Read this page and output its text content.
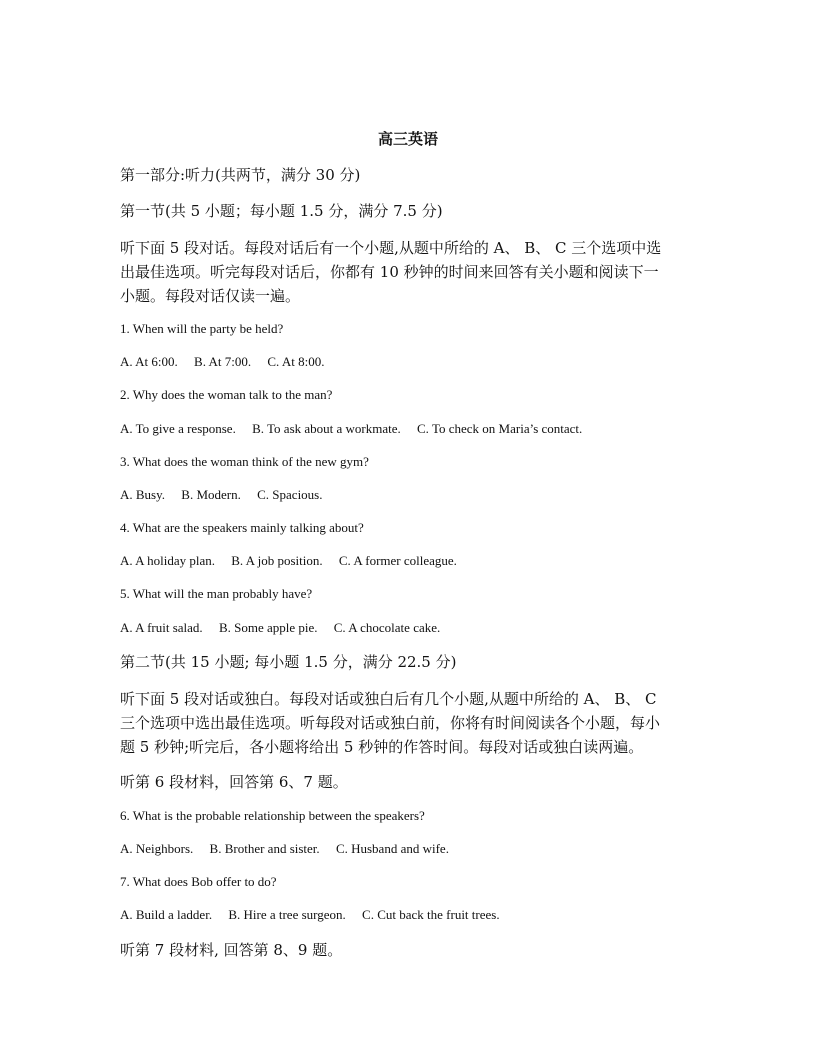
高三英语

第一部分:听力(共两节，满分 30 分)

第一节(共 5 小题；每小题 1.5 分，满分 7.5 分)

听下面 5 段对话。每段对话后有一个小题,从题中所给的 A、 B、 C 三个选项中选
出最佳选项。听完每段对话后，你都有 10 秒钟的时间来回答有关小题和阅读下一
小题。每段对话仅读一遍。

1. When will the party be held?

A. At 6:00. B. At 7:00. C. At 8:00.

2. Why does the woman talk to the man?

A. To give a response. B. To ask about a workmate. C. To check on Maria’s contact.

3. What does the woman think of the new gym?

A. Busy. B. Modern. C. Spacious.

4. What are the speakers mainly talking about?

A. A holiday plan. B. A job position. C. A former colleague.

5. What will the man probably have?

A. A fruit salad. B. Some apple pie. C. A chocolate cake.

第二节(共 15 小题; 每小题 1.5 分，满分 22.5 分)

听下面 5 段对话或独白。每段对话或独白后有几个小题,从题中所给的 A、 B、 C
三个选项中选出最佳选项。听每段对话或独白前，你将有时间阅读各个小题，每小
题 5 秒钟;听完后，各小题将给出 5 秒钟的作答时间。每段对话或独白读两遍。

听第 6 段材料，回答第 6、7 题。

6. What is the probable relationship between the speakers?

A. Neighbors. B. Brother and sister. C. Husband and wife.

7. What does Bob offer to do?

A. Build a ladder. B. Hire a tree surgeon. C. Cut back the fruit trees.

听第 7 段材料, 回答第 8、9 题。
